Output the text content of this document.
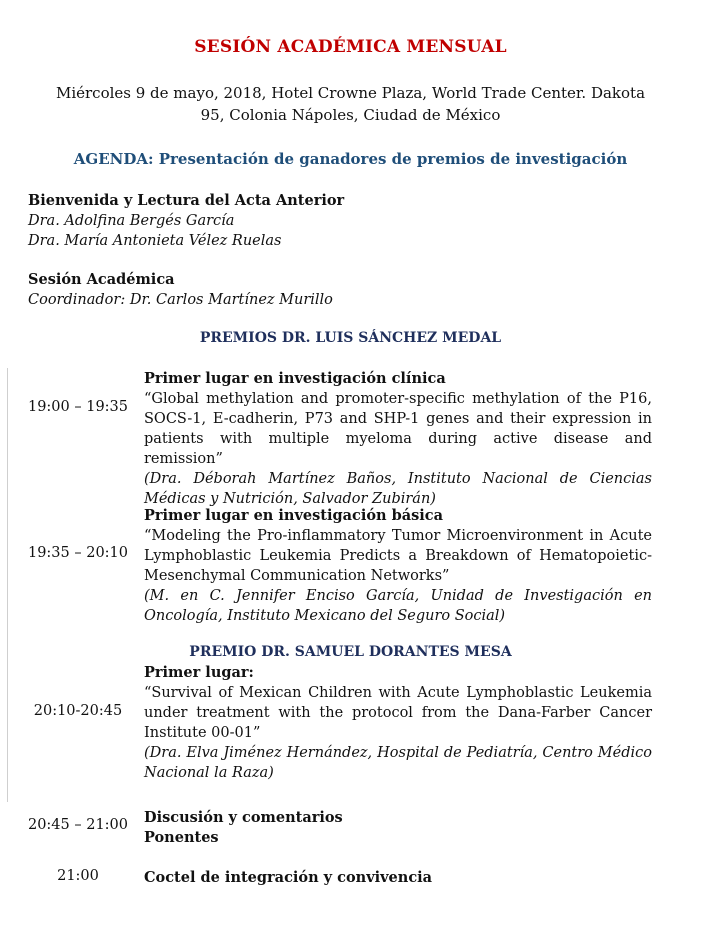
SESIÓN ACADÉMICA MENSUAL
Miércoles 9 de mayo, 2018, Hotel Crowne Plaza, World Trade Center. Dakota
95, Colonia Nápoles, Ciudad de México
AGENDA: Presentación de ganadores de premios de investigación
Bienvenida y Lectura del Acta Anterior
Dra. Adolfina Bergés García
Dra. María Antonieta Vélez Ruelas
Sesión Académica
Coordinador: Dr. Carlos Martínez Murillo
PREMIOS DR. LUIS SÁNCHEZ MEDAL
19:00 – 19:35
Primer lugar en investigación clínica
“Global methylation and promoter-specific methylation of the P16, SOCS-1, E-cadherin, P73 and SHP-1 genes and their expression in patients with multiple myeloma during active disease and remission”
(Dra. Déborah Martínez Baños, Instituto Nacional de Ciencias Médicas y Nutrición, Salvador Zubirán)
19:35 – 20:10
Primer lugar en investigación básica
“Modeling the Pro-inflammatory Tumor Microenvironment in Acute Lymphoblastic Leukemia Predicts a Breakdown of Hematopoietic-Mesenchymal Communication Networks”
(M. en C. Jennifer Enciso García, Unidad de Investigación en Oncología, Instituto Mexicano del Seguro Social)
PREMIO DR. SAMUEL DORANTES MESA
20:10-20:45
Primer lugar:
“Survival of Mexican Children with Acute Lymphoblastic Leukemia under treatment with the protocol from the Dana-Farber Cancer Institute 00-01”
(Dra. Elva Jiménez Hernández, Hospital de Pediatría, Centro Médico Nacional la Raza)
20:45 – 21:00	Discusión y comentarios
Ponentes
21:00	Coctel de integración y convivencia
